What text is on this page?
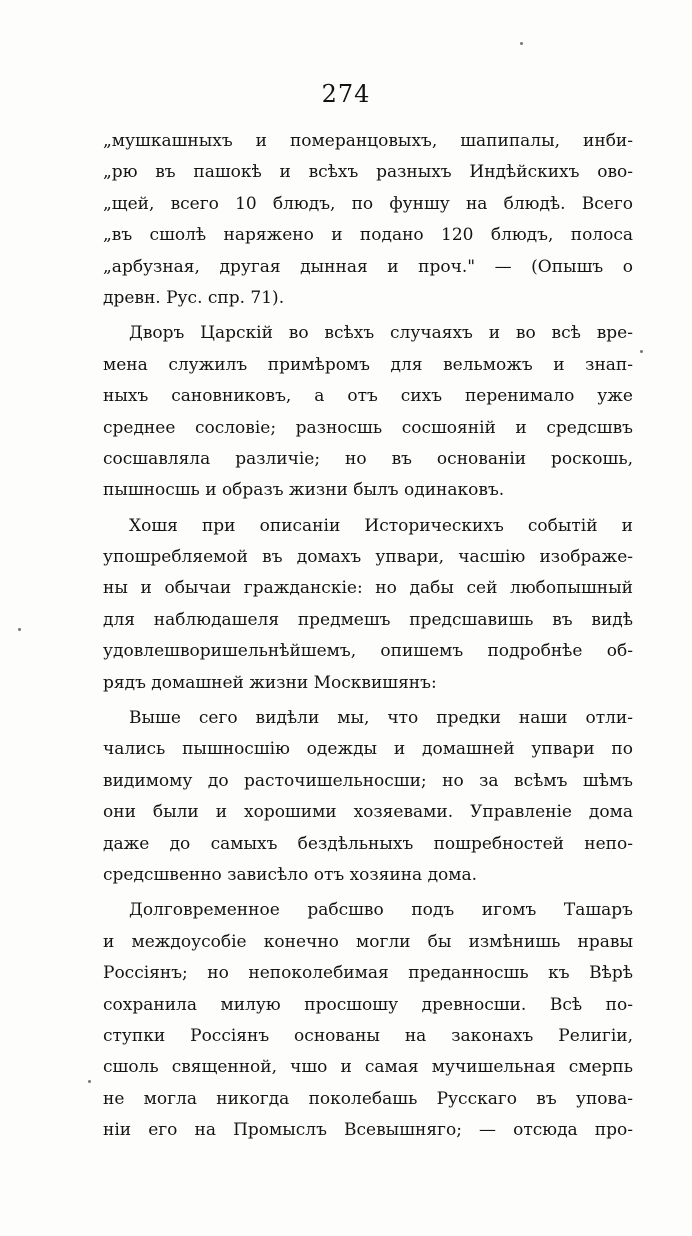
274
„мушкашныхъ и померанцовыхъ, шапипалы, инби-
„рю въ пашокѣ и всѣхъ разныхъ Индѣйскихъ ово-
„щей, всего 10 блюдъ, по фуншу на блюдѣ. Всего
„въ сшолѣ наряжено и подано 120 блюдъ, полоса
„арбузная, другая дынная и проч." — (Опышъ о
древн. Рус. спр. 71).
Дворъ Царскій во всѣхъ случаяхъ и во всѣ вре-
мена служилъ примѣромъ для вельможъ и знап-
ныхъ сановниковъ, а отъ сихъ перенимало уже
среднее сословіе; разносшь сосшояній и средсшвъ
сосшавляла различіе; но въ основаніи роскошь,
пышносшь и образъ жизни былъ одинаковъ.
Хошя при описаніи Историческихъ событій и
упошребляемой въ домахъ упвари, часшію изображе-
ны и обычаи гражданскіе: но дабы сей любопышный
для наблюдашеля предмешъ предсшавишь въ видѣ
удовлешворишельнѣйшемъ, опишемъ подробнѣе об-
рядъ домашней жизни Москвишянъ:
Выше сего видѣли мы, что предки наши отли-
чались пышносшію одежды и домашней упвари по
видимому до расточишельносши; но за всѣмъ шѣмъ
они были и хорошими хозяевами. Управленіе дома
даже до самыхъ бездѣльныхъ пошребностей непо-
средсшвенно зависѣло отъ хозяина дома.
Долговременное рабсшво подъ игомъ Ташаръ
и междоусобіе конечно могли бы измѣнишь нравы
Россіянъ; но непоколебимая преданносшь къ Вѣрѣ
сохранила милую просшошу древносши. Всѣ по-
ступки Россіянъ основаны на законахъ Религіи,
сшоль священной, чшо и самая мучишельная смерпь
не могла никогда поколебашь Русскаго въ упова-
ніи его на Промыслъ Всевышняго; — отсюда про-
